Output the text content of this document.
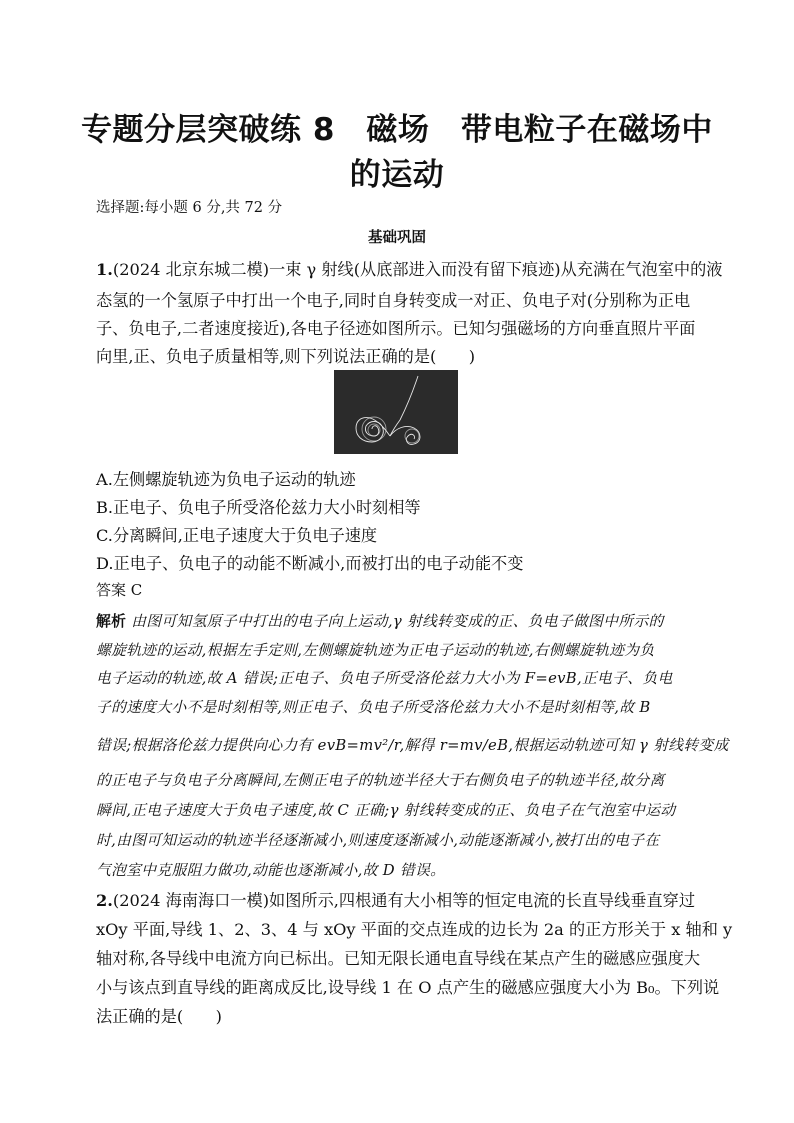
专题分层突破练 8　磁场　带电粒子在磁场中
的运动
选择题:每小题 6 分,共 72 分
基础巩固
1.(2024 北京东城二模)一束 γ 射线(从底部进入而没有留下痕迹)从充满在气泡室中的液
态氢的一个氢原子中打出一个电子,同时自身转变成一对正、负电子对(分别称为正电
子、负电子,二者速度接近),各电子径迹如图所示。已知匀强磁场的方向垂直照片平面
向里,正、负电子质量相等,则下列说法正确的是(　　)
A.左侧螺旋轨迹为负电子运动的轨迹
B.正电子、负电子所受洛伦兹力大小时刻相等
C.分离瞬间,正电子速度大于负电子速度
D.正电子、负电子的动能不断减小,而被打出的电子动能不变
答案 C
解析 由图可知氢原子中打出的电子向上运动,γ 射线转变成的正、负电子做图中所示的
螺旋轨迹的运动,根据左手定则,左侧螺旋轨迹为正电子运动的轨迹,右侧螺旋轨迹为负
电子运动的轨迹,故 A 错误;正电子、负电子所受洛伦兹力大小为 F=evB,正电子、负电
子的速度大小不是时刻相等,则正电子、负电子所受洛伦兹力大小不是时刻相等,故 B
错误;根据洛伦兹力提供向心力有 evB=mv²/r,解得 r=mv/eB,根据运动轨迹可知 γ 射线转变成
的正电子与负电子分离瞬间,左侧正电子的轨迹半径大于右侧负电子的轨迹半径,故分离
瞬间,正电子速度大于负电子速度,故 C 正确;γ 射线转变成的正、负电子在气泡室中运动
时,由图可知运动的轨迹半径逐渐减小,则速度逐渐减小,动能逐渐减小,被打出的电子在
气泡室中克服阻力做功,动能也逐渐减小,故 D 错误。
2.(2024 海南海口一模)如图所示,四根通有大小相等的恒定电流的长直导线垂直穿过
xOy 平面,导线 1、2、3、4 与 xOy 平面的交点连成的边长为 2a 的正方形关于 x 轴和 y
轴对称,各导线中电流方向已标出。已知无限长通电直导线在某点产生的磁感应强度大
小与该点到直导线的距离成反比,设导线 1 在 O 点产生的磁感应强度大小为 B₀。下列说
法正确的是(　　)
